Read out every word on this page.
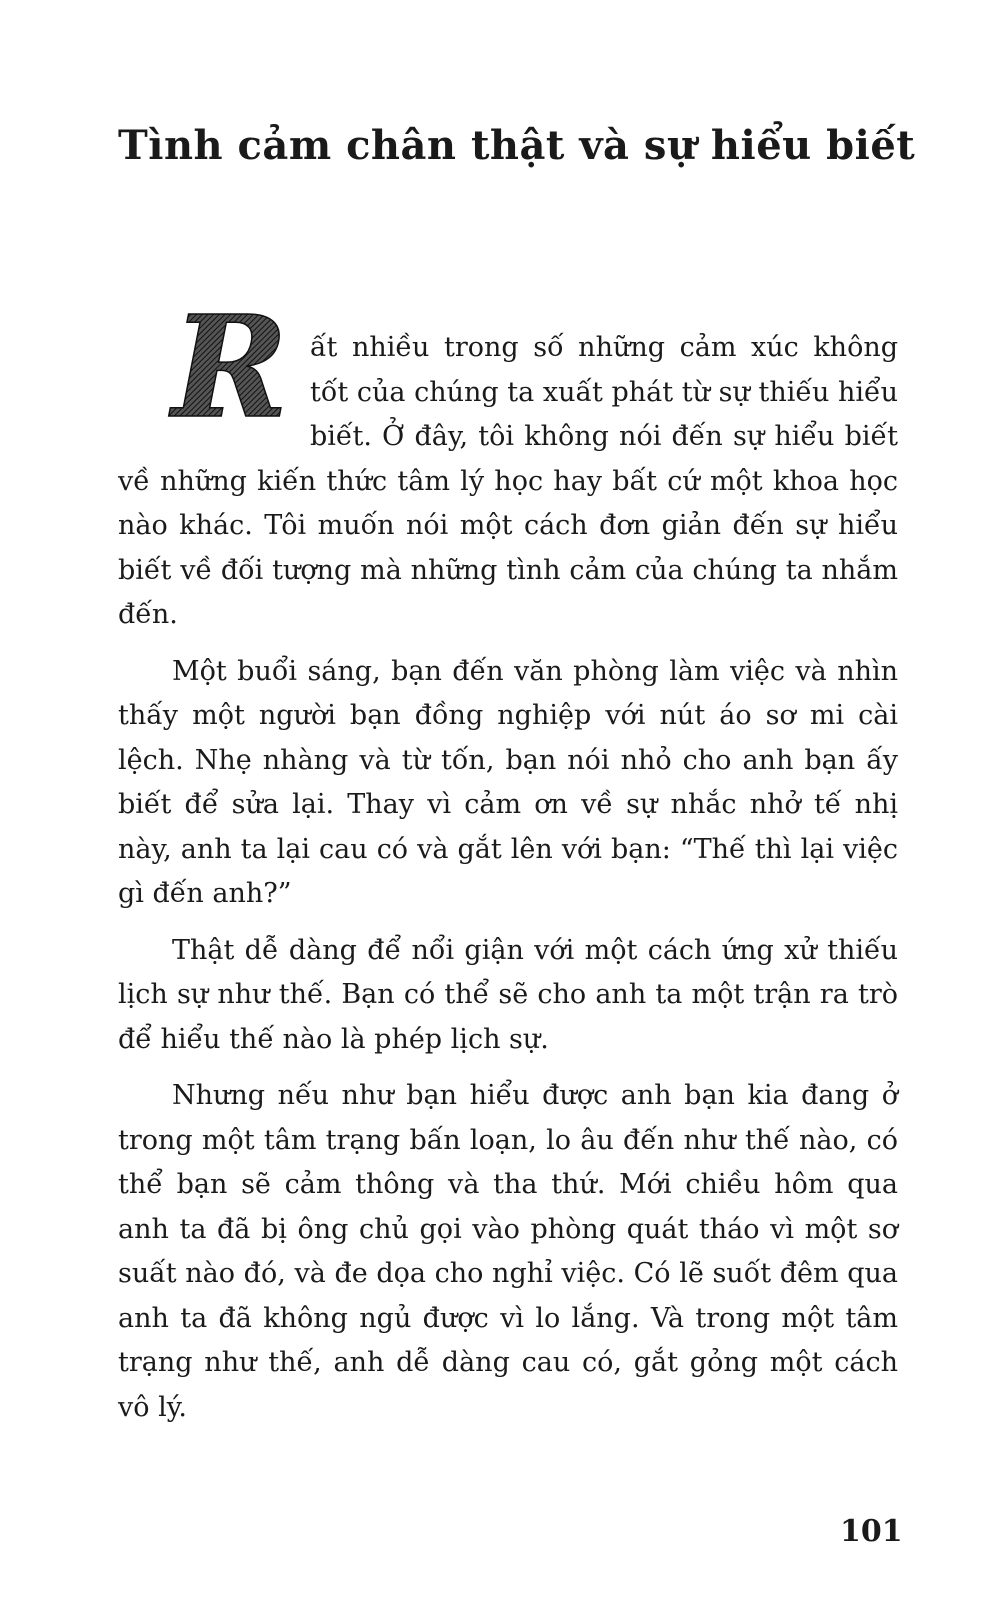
Tình cảm chân thật và sự hiểu biết

R ất nhiều trong số những cảm xúc không tốt của chúng ta xuất phát từ sự thiếu hiểu biết. Ở đây, tôi không nói đến sự hiểu biết về những kiến thức tâm lý học hay bất cứ một khoa học nào khác. Tôi muốn nói một cách đơn giản đến sự hiểu biết về đối tượng mà những tình cảm của chúng ta nhắm đến.

Một buổi sáng, bạn đến văn phòng làm việc và nhìn thấy một người bạn đồng nghiệp với nút áo sơ mi cài lệch. Nhẹ nhàng và từ tốn, bạn nói nhỏ cho anh bạn ấy biết để sửa lại. Thay vì cảm ơn về sự nhắc nhở tế nhị này, anh ta lại cau có và gắt lên với bạn: “Thế thì lại việc gì đến anh?”

Thật dễ dàng để nổi giận với một cách ứng xử thiếu lịch sự như thế. Bạn có thể sẽ cho anh ta một trận ra trò để hiểu thế nào là phép lịch sự.

Nhưng nếu như bạn hiểu được anh bạn kia đang ở trong một tâm trạng bấn loạn, lo âu đến như thế nào, có thể bạn sẽ cảm thông và tha thứ. Mới chiều hôm qua anh ta đã bị ông chủ gọi vào phòng quát tháo vì một sơ suất nào đó, và đe dọa cho nghỉ việc. Có lẽ suốt đêm qua anh ta đã không ngủ được vì lo lắng. Và trong một tâm trạng như thế, anh dễ dàng cau có, gắt gỏng một cách vô lý.

101
